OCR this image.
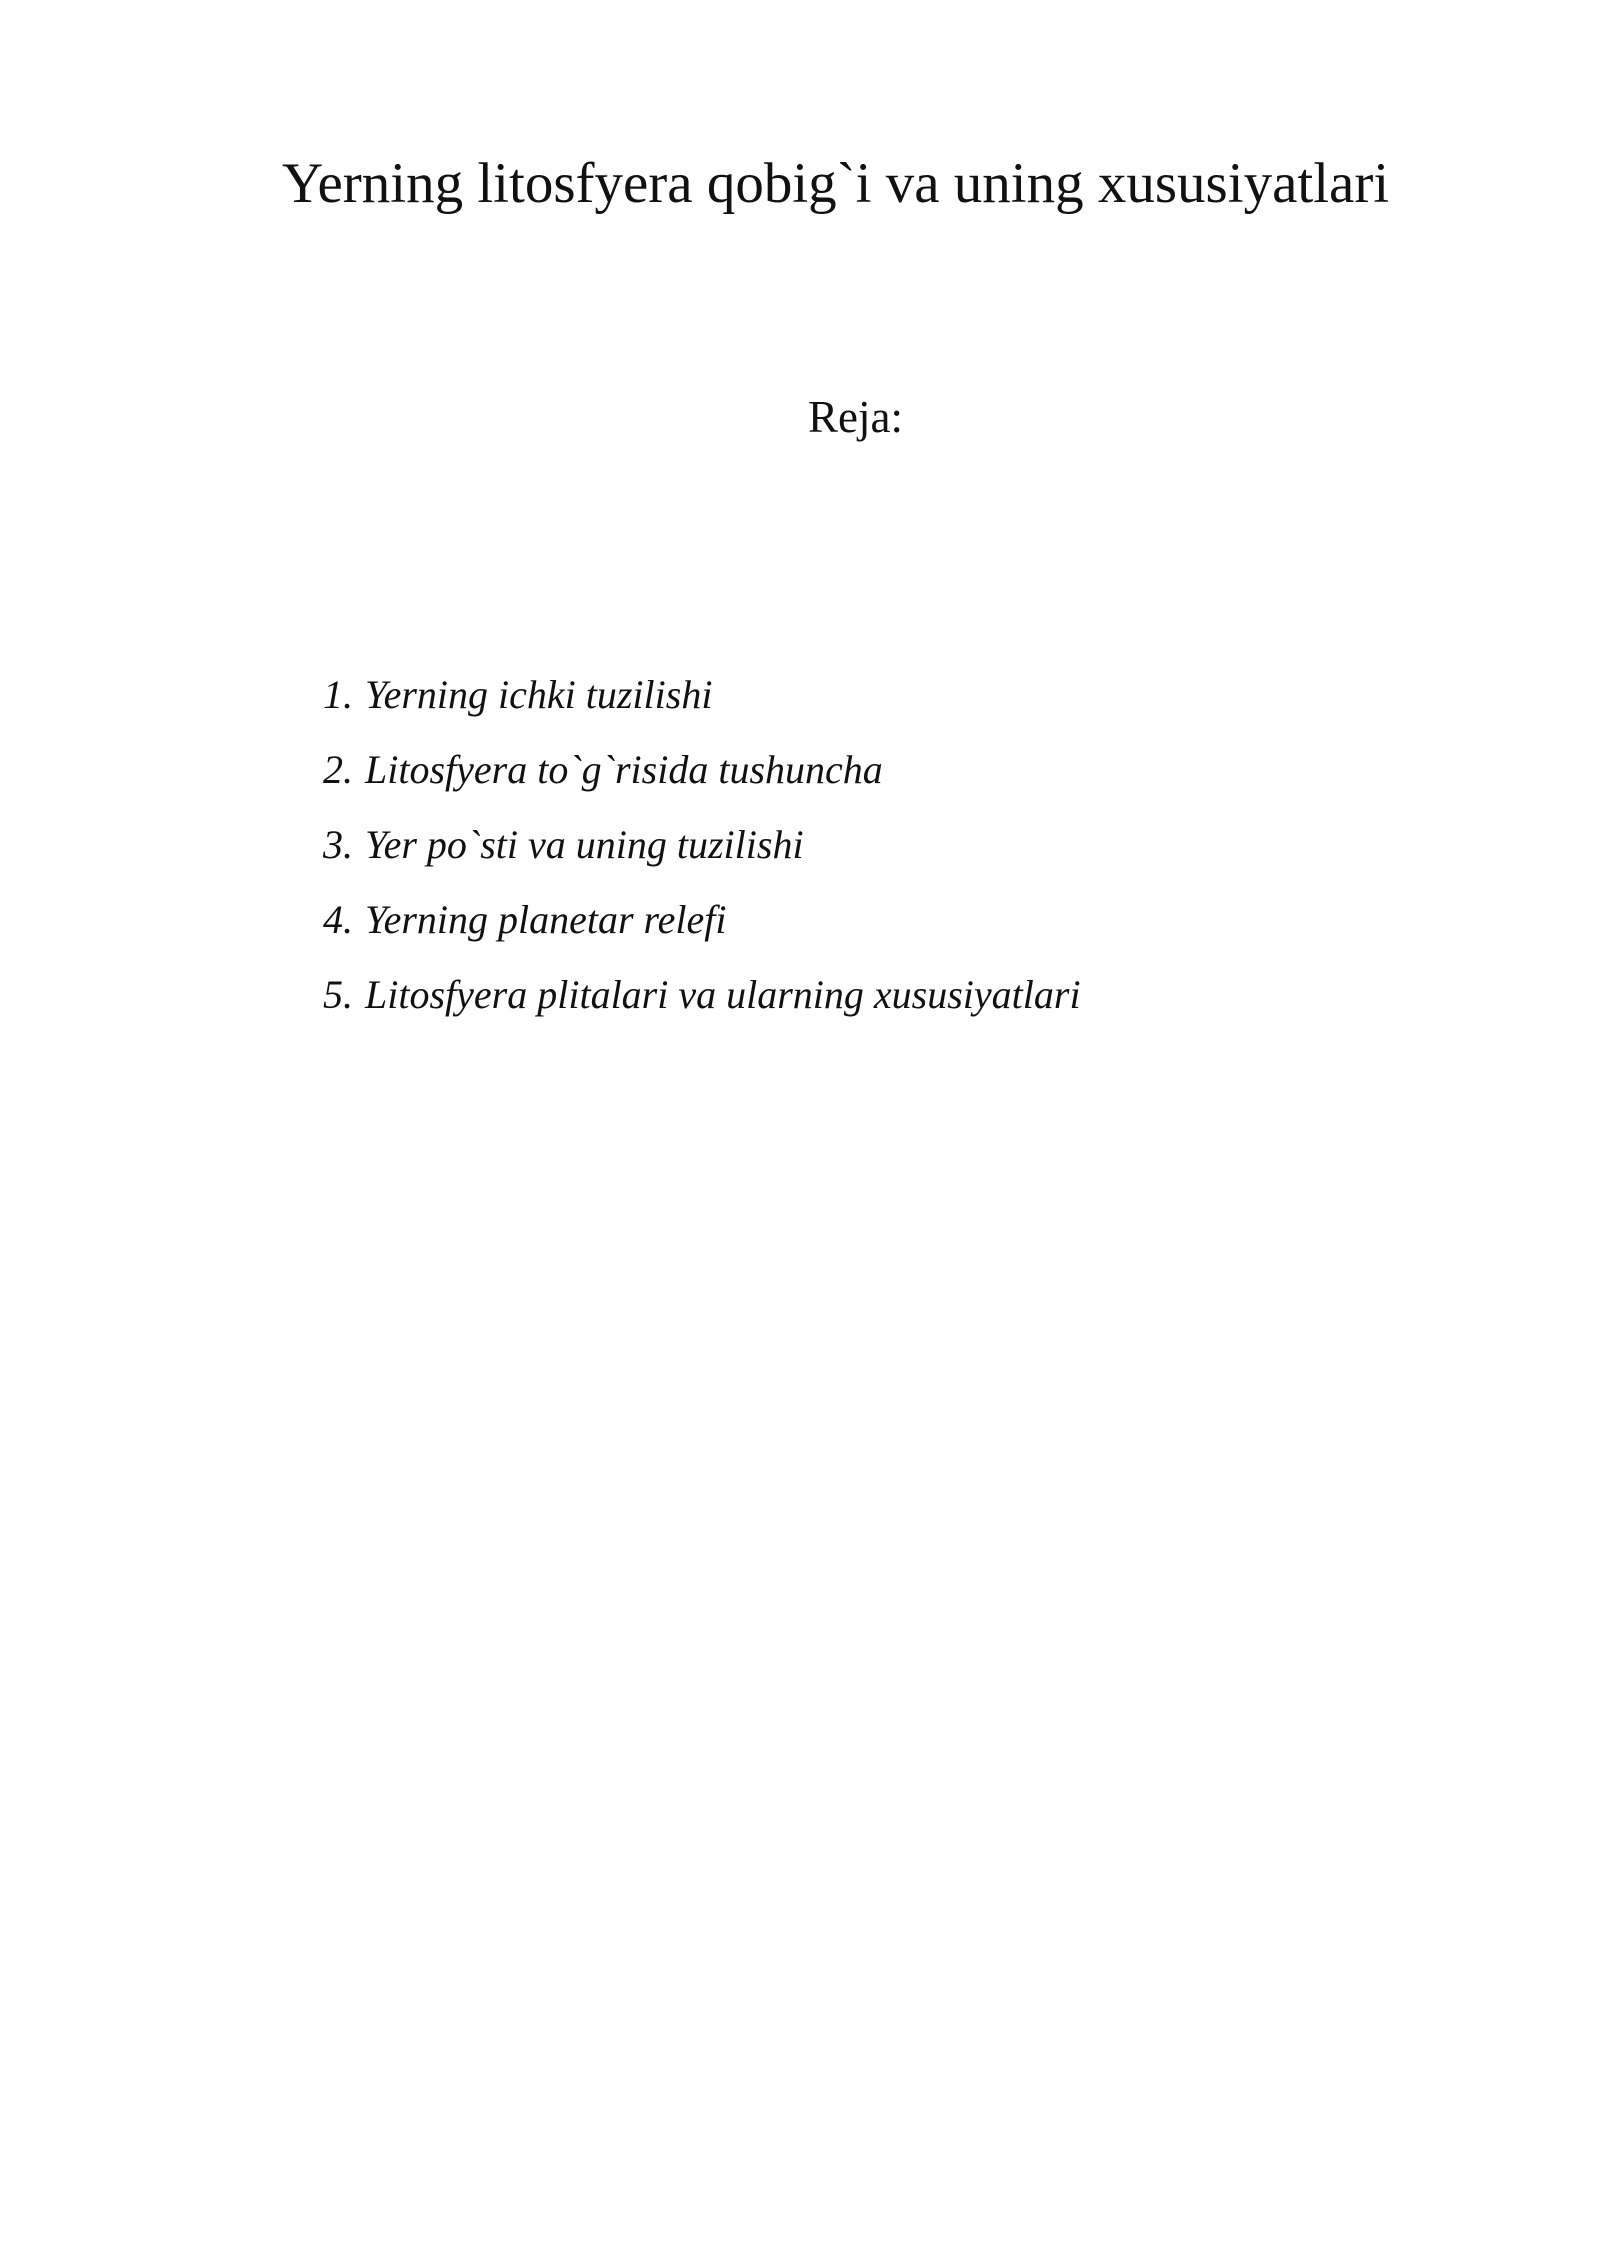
Yerning litosfyera qobig`i va uning xususiyatlari
Reja:
1. Yerning ichki tuzilishi
2. Litosfyera to`g`risida tushuncha
3. Yer po`sti va uning tuzilishi
4. Yerning planetar relefi
5. Litosfyera plitalari va ularning xususiyatlari
